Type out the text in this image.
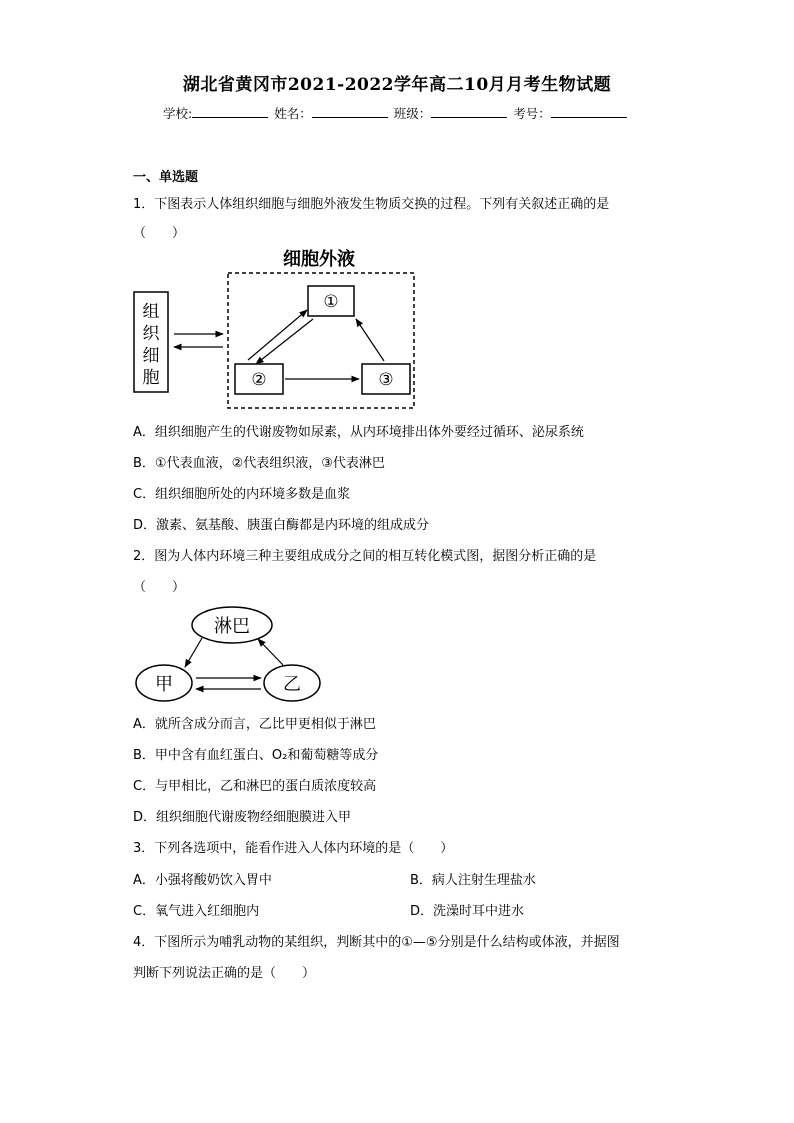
湖北省黄冈市2021-2022学年高二10月月考生物试题
学校:	姓名：	班级：	考号：
一、单选题
1．下图表示人体组织细胞与细胞外液发生物质交换的过程。下列有关叙述正确的是
（　　）
细胞外液
组
织
细
胞
①
②	③
A．组织细胞产生的代谢废物如尿素，从内环境排出体外要经过循环、泌尿系统
B．①代表血液，②代表组织液，③代表淋巴
C．组织细胞所处的内环境多数是血浆
D．激素、氨基酸、胰蛋白酶都是内环境的组成成分
2．图为人体内环境三种主要组成成分之间的相互转化模式图，据图分析正确的是
（　　）
淋巴
甲	乙
A．就所含成分而言，乙比甲更相似于淋巴
B．甲中含有血红蛋白、O₂和葡萄糖等成分
C．与甲相比，乙和淋巴的蛋白质浓度较高
D．组织细胞代谢废物经细胞膜进入甲
3．下列各选项中，能看作进入人体内环境的是（　　）
A．小强将酸奶饮入胃中	B．病人注射生理盐水
C．氧气进入红细胞内	D．洗澡时耳中进水
4．下图所示为哺乳动物的某组织，判断其中的①—⑤分别是什么结构或体液，并据图
判断下列说法正确的是（　　）
